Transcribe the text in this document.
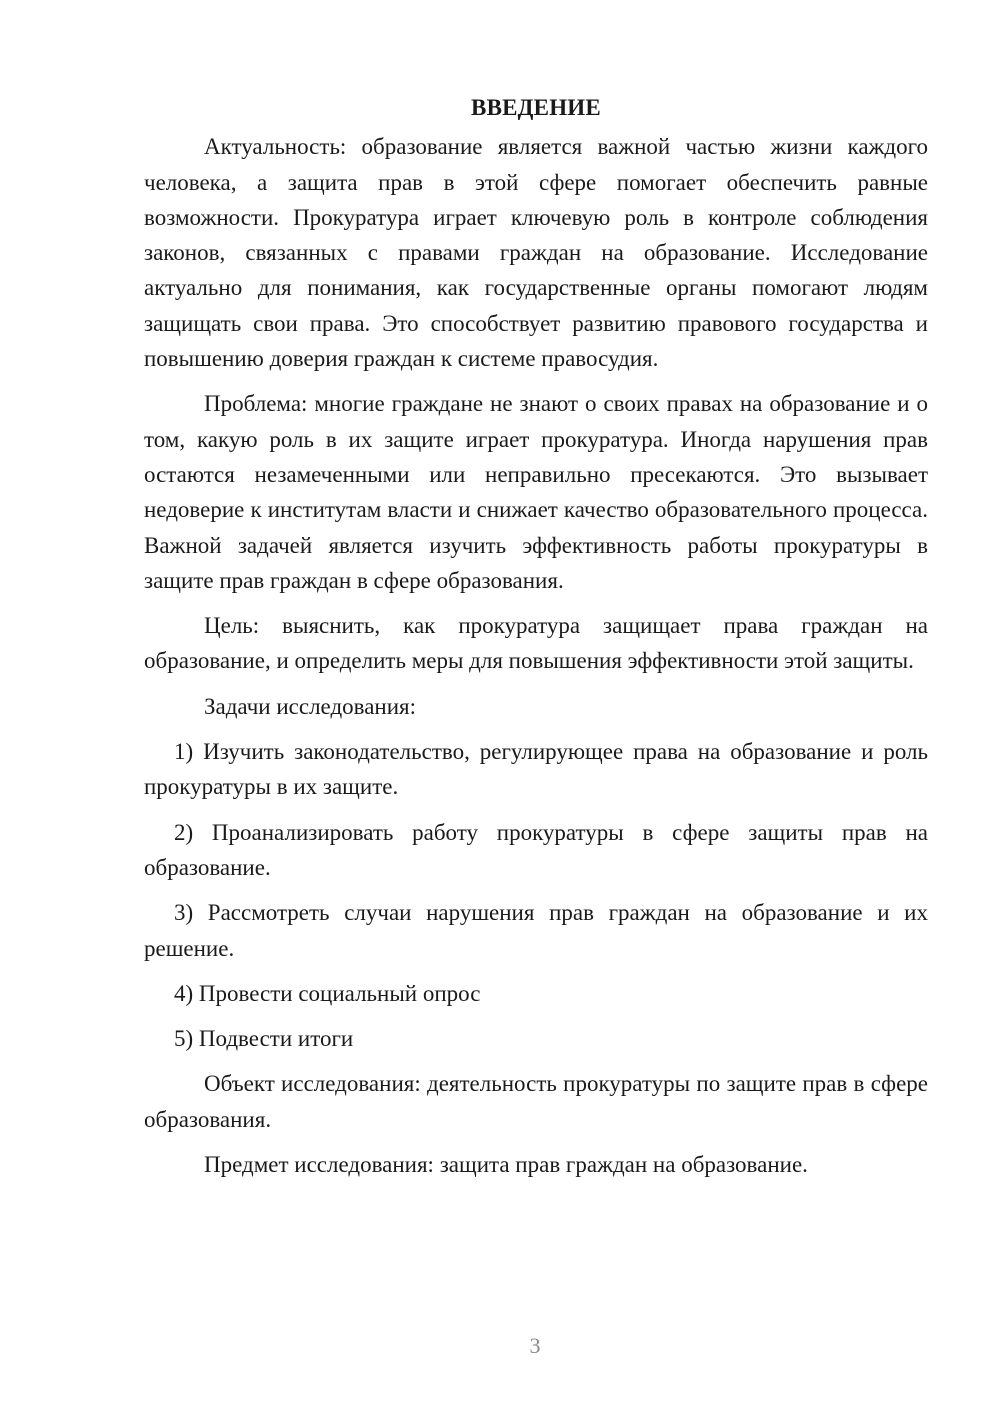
ВВЕДЕНИЕ

Актуальность: образование является важной частью жизни каждого человека, а защита прав в этой сфере помогает обеспечить равные возможности. Прокуратура играет ключевую роль в контроле соблюдения законов, связанных с правами граждан на образование. Исследование актуально для понимания, как государственные органы помогают людям защищать свои права. Это способствует развитию правового государства и повышению доверия граждан к системе правосудия.

Проблема: многие граждане не знают о своих правах на образование и о том, какую роль в их защите играет прокуратура. Иногда нарушения прав остаются незамеченными или неправильно пресекаются. Это вызывает недоверие к институтам власти и снижает качество образовательного процесса. Важной задачей является изучить эффективность работы прокуратуры в защите прав граждан в сфере образования.

Цель: выяснить, как прокуратура защищает права граждан на образование, и определить меры для повышения эффективности этой защиты.

Задачи исследования:

1) Изучить законодательство, регулирующее права на образование и роль прокуратуры в их защите.

2) Проанализировать работу прокуратуры в сфере защиты прав на образование.

3) Рассмотреть случаи нарушения прав граждан на образование и их решение.

4) Провести социальный опрос

5) Подвести итоги

Объект исследования: деятельность прокуратуры по защите прав в сфере образования.

Предмет исследования: защита прав граждан на образование.

3
